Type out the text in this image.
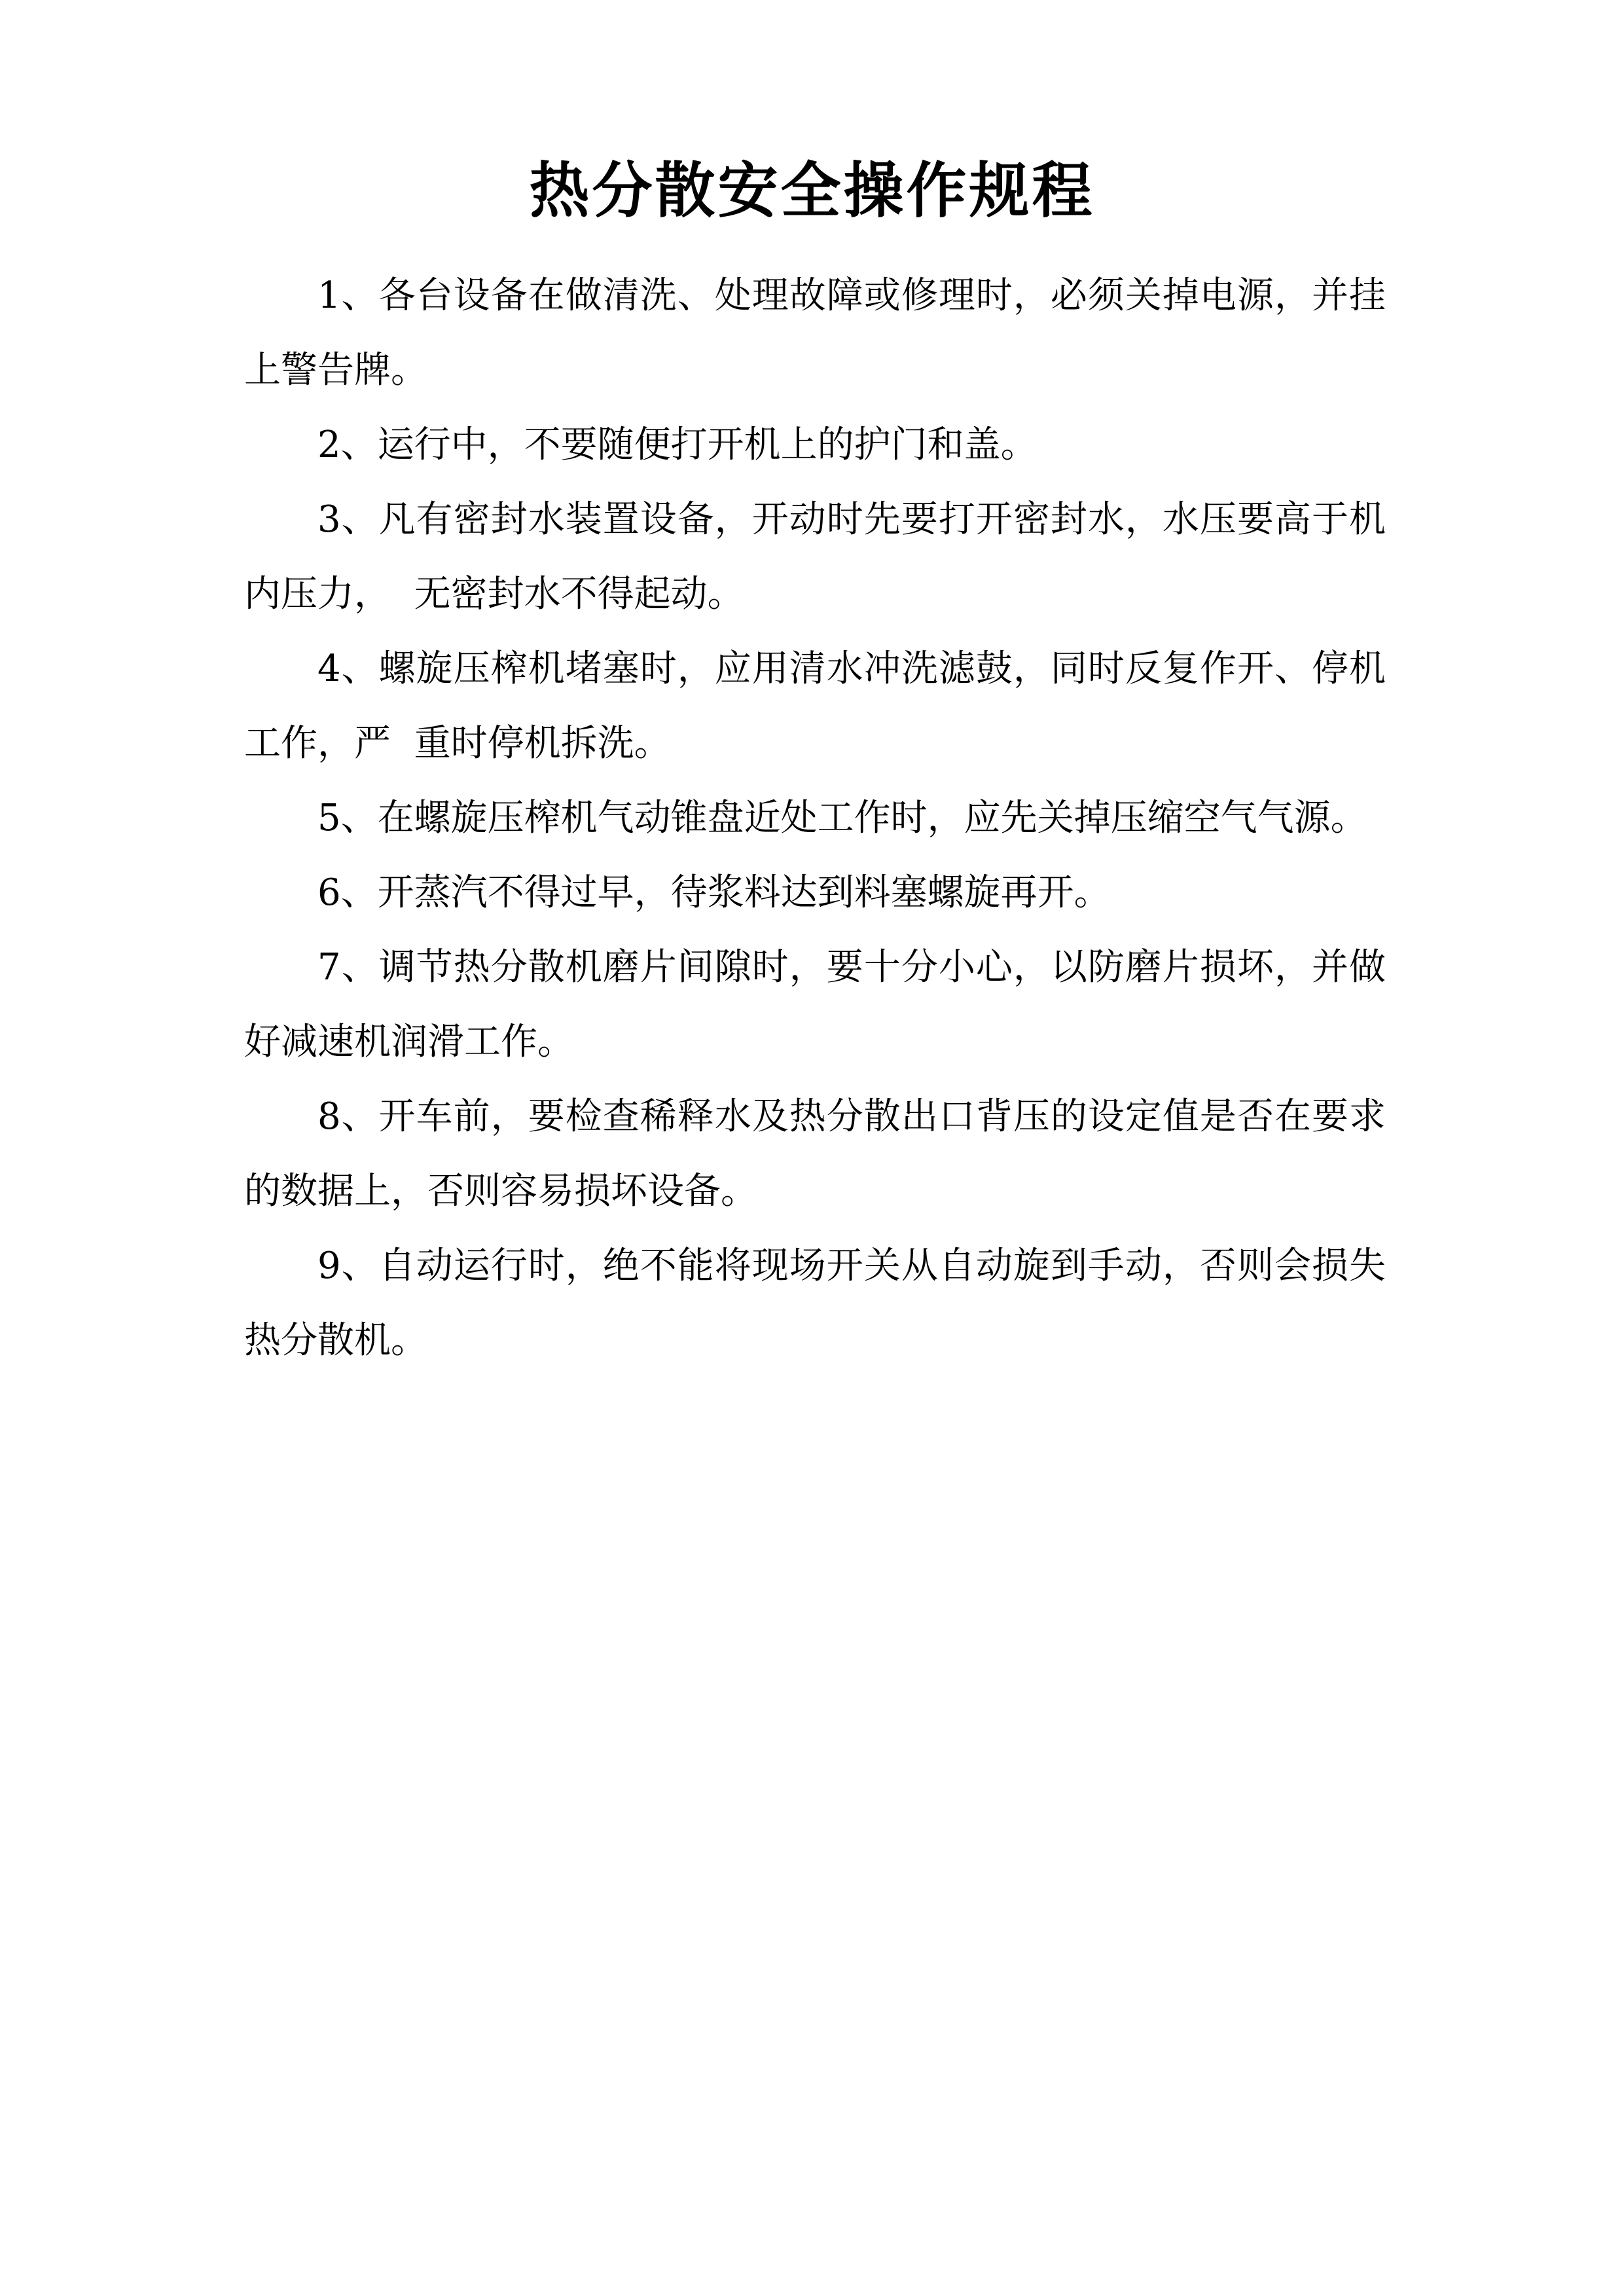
热分散安全操作规程

1、各台设备在做清洗、处理故障或修理时，必须关掉电源，并挂上警告牌。

2、运行中，不要随便打开机上的护门和盖。

3、凡有密封水装置设备，开动时先要打开密封水，水压要高于机内压力，  无密封水不得起动。

4、螺旋压榨机堵塞时，应用清水冲洗滤鼓，同时反复作开、停机工作，严  重时停机拆洗。

5、在螺旋压榨机气动锥盘近处工作时，应先关掉压缩空气气源。

6、开蒸汽不得过早，待浆料达到料塞螺旋再开。

7、调节热分散机磨片间隙时，要十分小心，以防磨片损坏，并做好减速机润滑工作。

8、开车前，要检查稀释水及热分散出口背压的设定值是否在要求的数据上，否则容易损坏设备。

9、自动运行时，绝不能将现场开关从自动旋到手动，否则会损失热分散机。
